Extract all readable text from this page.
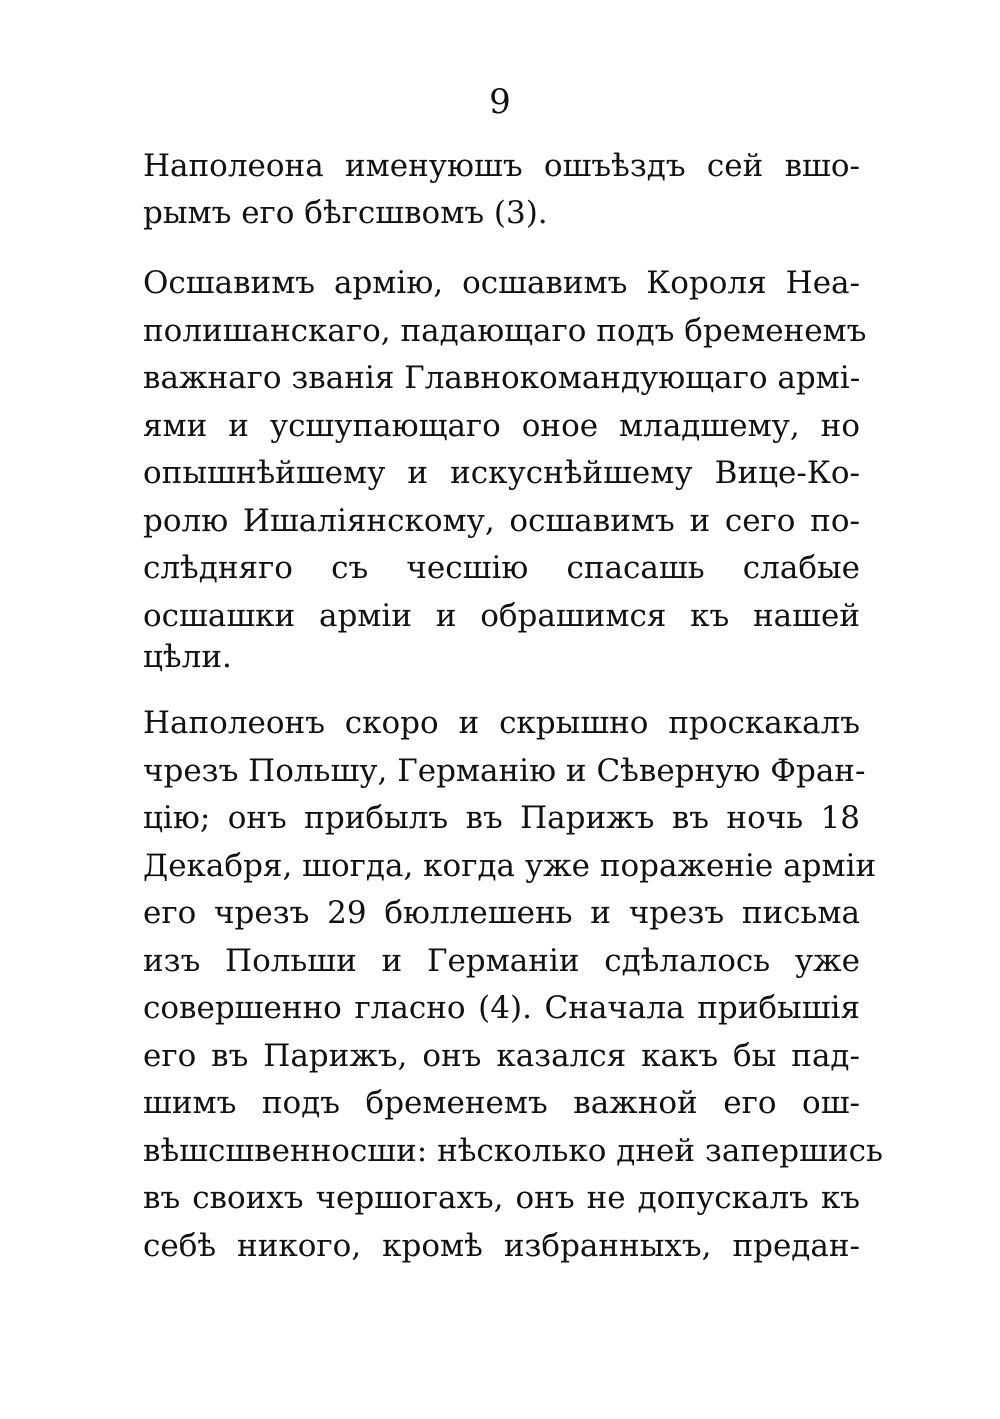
9
Наполеона именуюшъ ошъѣздъ сей вшо-
рымъ его бѣгсшвомъ (3).
Осшавимъ армію, осшавимъ Короля Неа-
полишанскаго, падающаго подъ бременемъ
важнаго званія Главнокомандующаго армі-
ями и усшупающаго оное младшему, но
опышнѣйшему и искуснѣйшему Вице-Ко-
ролю Ишаліянскому, осшавимъ и сего по-
слѣдняго съ чесшію спасашь слабые
осшашки арміи и обрашимся къ нашей
цѣли.
Наполеонъ скоро и скрышно проскакалъ
чрезъ Польшу, Германію и Сѣверную Фран-
цію; онъ прибылъ въ Парижъ въ ночь 18
Декабря, шогда, когда уже пораженіе арміи
его чрезъ 29 бюллешень и чрезъ письма
изъ Польши и Германіи сдѣлалось уже
совершенно гласно (4). Сначала прибышія
его въ Парижъ, онъ казался какъ бы пад-
шимъ подъ бременемъ важной его ош-
вѣшсшвенносши: нѣсколько дней запершись
въ своихъ чершогахъ, онъ не допускалъ къ
себѣ никого, кромѣ избранныхъ, предан-
